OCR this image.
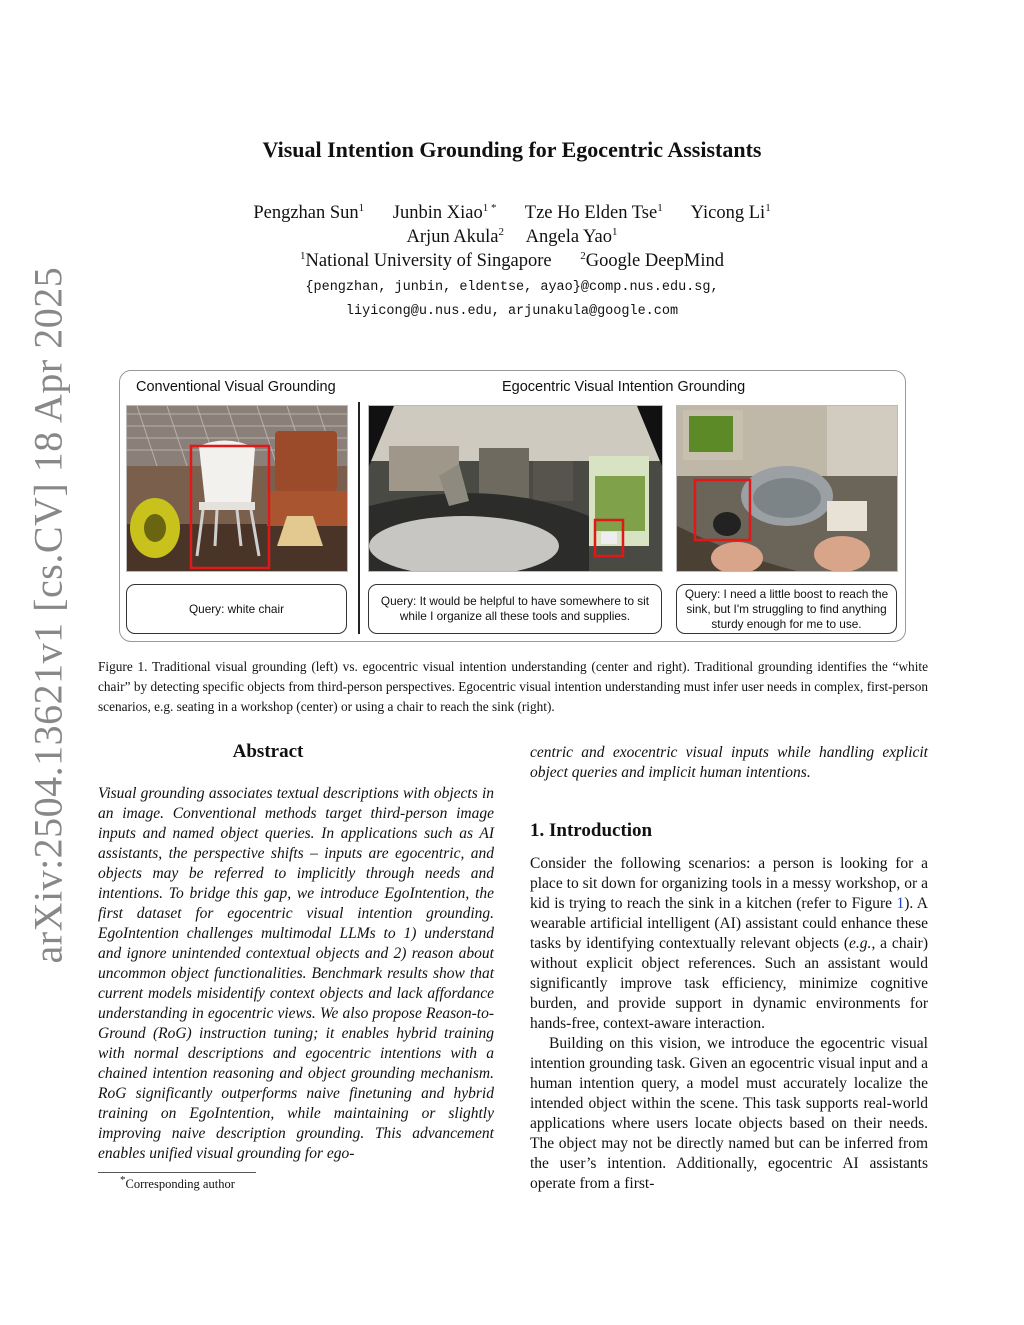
arXiv:2504.13621v1 [cs.CV] 18 Apr 2025
Visual Intention Grounding for Egocentric Assistants
Pengzhan Sun$^1$ Junbin Xiao$^{1 *}$ Tze Ho Elden Tse$^1$ Yicong Li$^1$
Arjun Akula$^2$ Angela Yao$^1$
$^1$National University of Singapore	$^2$Google DeepMind
{pengzhan, junbin, eldentse, ayao}@comp.nus.edu.sg,
liyicong@u.nus.edu, arjunakula@google.com
Conventional Visual Grounding	Egocentric Visual Intention Grounding
Query: white chair
Query: It would be helpful to have somewhere to sit while I organize all these tools and supplies.
Query: I need a little boost to reach the sink, but I'm struggling to find anything sturdy enough for me to use.
Figure 1. Traditional visual grounding (left) vs. egocentric visual intention understanding (center and right). Traditional grounding identifies the “white chair” by detecting specific objects from third-person perspectives. Egocentric visual intention understanding must infer user needs in complex, first-person scenarios, e.g. seating in a workshop (center) or using a chair to reach the sink (right).
Abstract
Visual grounding associates textual descriptions with objects in an image. Conventional methods target third-person image inputs and named object queries. In applications such as AI assistants, the perspective shifts – inputs are egocentric, and objects may be referred to implicitly through needs and intentions. To bridge this gap, we introduce EgoIntention, the first dataset for egocentric visual intention grounding. EgoIntention challenges multimodal LLMs to 1) understand and ignore unintended contextual objects and 2) reason about uncommon object functionalities. Benchmark results show that current models misidentify context objects and lack affordance understanding in egocentric views. We also propose Reason-to-Ground (RoG) instruction tuning; it enables hybrid training with normal descriptions and egocentric intentions with a chained intention reasoning and object grounding mechanism. RoG significantly outperforms naive finetuning and hybrid training on EgoIntention, while maintaining or slightly improving naive description grounding. This advancement enables unified visual grounding for ego-
centric and exocentric visual inputs while handling explicit object queries and implicit human intentions.
1. Introduction
Consider the following scenarios: a person is looking for a place to sit down for organizing tools in a messy workshop, or a kid is trying to reach the sink in a kitchen (refer to Figure 1). A wearable artificial intelligent (AI) assistant could enhance these tasks by identifying contextually relevant objects (e.g., a chair) without explicit object references. Such an assistant would significantly improve task efficiency, minimize cognitive burden, and provide support in dynamic environments for hands-free, context-aware interaction.
Building on this vision, we introduce the egocentric visual intention grounding task. Given an egocentric visual input and a human intention query, a model must accurately localize the intended object within the scene. This task supports real-world applications where users locate objects based on their needs. The object may not be directly named but can be inferred from the user’s intention. Additionally, egocentric AI assistants operate from a first-
*Corresponding author
